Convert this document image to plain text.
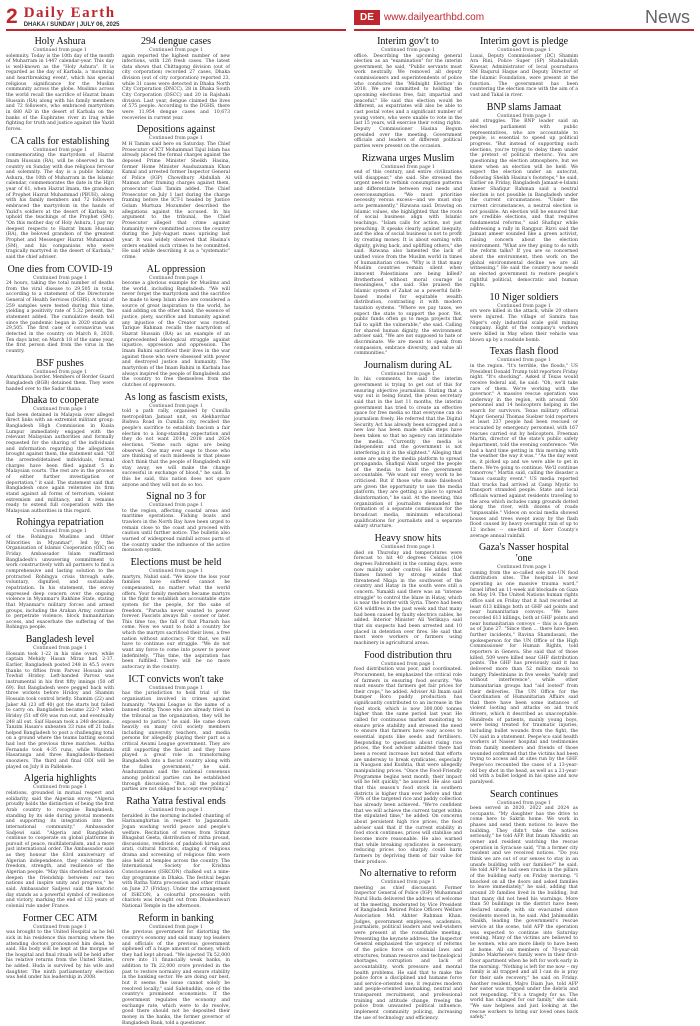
2 Daily Earth
DHAKA / SUNDAY | JULY 06, 2025
DE	www.dailyearthbd.com	News
Holy Ashura
Continued from page 1

solemnity. Today is the 10th day of the month of Muharram in 1447 calendar-year. This day is well-known as the "Holy Ashura". It is regarded as the day of Karbala, a 'mourning and heartbreaking event', which has special religious significance for the Muslim community across the globe. Muslims across the world recall the sacrifice of Hazrat Imam Hussain (RA) along with his family members and 72 followers, who embraced martyrdom in 680 AD in the desert of Karbala on the banks of the Euphrates river in Iraq while fighting for truth and justice against the Yazid forces.

CA calls for establishing
Continued from page 1

commemorating the martyrdom of Hazrat Imam Hussain (RA), will be observed in the country on Sunday with due religious fervour and solemnity. The day is a public holiday. Ashura, the 10th of Muharram in the Islamic calendar, commemorates the date in the Hijri year of 61, when Hazrat Imam, the grandson of Prophet Hazrat Muhammad (PBUH), along with his family members and 72 followers embraced the martyrdom in the hands of Yazid's soldiers at the desert of Karbala to uphold the teachings of the Prophet (SM). "On this mother day of Holy Ashura, I pay my deepest respects to Hazrat Imam Hussain (RA), the beloved grandson of the greatest Prophet and Messenger Hazrat Muhammad (SM), and his companions who were tragically martyred in the desert of Karbala," said the chief adviser.

One dies from COVID-19
Continued from page 1

24 hours, taking the total number of deaths from the viral disease to 29,505 in total, according to a statement of the Directorate General of Health Services (DGHS). A total of 259 samples were tested during this time, yielding a positivity rate of 5.32 percent, the statement added. The cumulative death toll since the pandemic began in 2020 stands at 29,505. The first case of coronavirus was detected in the country on March 8, 2020. Ten days later, on March 18 of the same year, the first person died from the virus in the country.

BSF pushes
Continued from page 1

Amarkhana border. Members of Border Guard Bangladesh (BGB) detained them. They were handed over to the Sadar thana.

Dhaka to cooperate
Continued from page 1

had been detained in Malaysia over alleged direct links with an extremist militant group. Bangladesh High Commission in Kuala Lumpur immediately engaged with the relevant Malaysian authorities and formally requested for the sharing of the individuals and information regarding the allegations brought against them, the statement said. "Of the arrested/detained individuals, formal charges have been filed against 5 in Malaysian courts. The rest are in the process of either further investigation or deportation," it said. The statement said that Bangladesh once again reiterates its firm stand against all forms of terrorism, violent extremism and militancy, and it remains ready to extend full cooperation with the Malaysian authorities in this regard.

Rohingya repatriation
Continued from page 1

of the Rohingya Muslims and Other Minorities in Myanmar", led by the Organisation of Islamic Cooperation (OIC) on Friday. Ambassador Islam reaffirmed Bangladesh's unwavering commitment to work constructively with all partners to find a comprehensive and lasting solution to the protracted Rohingya crisis through safe, voluntary, dignified, and sustainable repatriation. In his statement, the envoy expressed deep concern over the ongoing violence in Myanmar's Rakhine State, stating that Myanmar's military forces and armed groups, including the Arakan Army, continue to perpetrate violence, block humanitarian access, and exacerbate the suffering of the Rohingya people.

Bangladesh level
Continued from page 1

Hossain took 1-22 in his nine overs, while captain Mehidy Hasan Miraz had 2-37. Earlier, Bangladesh posted 248 in 45.5 overs thanks to fifties from Parvez Hossain and Towhid Hridoy. Left-handed Parvez was instrumental in his first fifty innings (50 off 69). But Bangladesh were pegged back with three wickets before Hridoy and Shamim Hossain took control briefly. Shamim (22) and Jaker Ali (23 off 40) got the starts but failed to carry on. Bangladesh became 222-7 when Hridoy (51 off 69) was run out, and eventually 248 all out. Saif Hassan took a 248 decision... Tanzim Hasan's unbeaten 33 runs off 21 balls helped Bangladesh to post a challenging total on a ground where the teams batting second had lost the previous three matches. Asitha Fernando took 4-35 runs, while Wanindu Hasaranga and three Bangladeshi-themed snooziers. The third and final ODI will be played on July 8 in Pallekele.

Algeria highlights
Continued from page 1

relations, grounded in mutual respect and solidarity, said the Algerian envoy. "Algeria proudly holds the distinction of being the first Arab country to recognise Bangladesh, standing by its side during pivotal moments and supporting its integration into the international community," Ambassador Sadjewi said. "Algeria and Bangladesh continue to cooperate on global platforms in pursuit of peace, multilateralism, and a more just international order. The Ambassador said as they honour the 63rd anniversary of Algerian independence, they celebrate the freedom, strength, and resilience of the Algerian people. "May this cherished occasion deepen the friendship between our two nations and inspire unity and progress," he said. Ambassador Sadjewi said the historic day stands as a powerful symbol of resilience and victory, marking the end of 132 years of colonial rule under France.

Former CEC ATM
Continued from page 1

was brought to the United Hospital as he fell sick in his residence this morning where the attending doctors pronounced him dead, he said. His body will be kept at the morgue of the hospital and final rituals will be held after his relative returns from the United States, he added. Huda is survived by his wife and daughter. The ninth parliamentary election was held under his leadership in 2008.

294 dengue cases
Continued from page 1

again reported the highest number of new infections, with 126 fresh cases. The latest data shows that Chittagong division (out of city corporation) recorded 27 cases, Dhaka division (out of city corporation) reported 23, while 31 cases were detected in Dhaka North City Corporation (DNCC), 28 in Dhaka South City Corporation (DSCC) and 20 in Rajshahi division. Last year, dengue claimed the lives of 575 people. According to the DGHS, there were 11,954 dengue cases and 10,673 recoveries in current year.

Depositions against
Continued from page 1

M H Tamim said here on Saturday. The Chief Prosecutor of ICT Mohammad Tajul Islam has already placed the formal charges against the deposed Prime Minister Sheikh Hasina, former Home Minister Asaduzzaman Khan Kamal and arrested former Inspector General of Police (IGP) Chowdhury Abdullah Al Mamun after framing charges against them, prosecutor Gazi Tamim added. The Chief Prosecutor on July 1 last during the charge framing before the ICT-1 headed by Justice Golam Murtuza Mozumder described the allegations against the accused. In his argument to the tribunal, the Chief Prosecutor alleged that crime against humanity were committed across the country during the July-August mass uprising last year. It was widely observed that Hasina's orders enabled such crimes to be committed. He said while describing it as a "systematic" crime.

AL oppression
Continued from page 1

become a glorious example for Muslims and the world, including Bangladesh. "We will never forget the martyrdom and the sacrifice he made to keep Islam alive are considered a source of great inspiration to the world, he said adding on the other hand, the essence of justice, piety, sacrifice and humanity against any injustice of the Creator was rooted. Tarique Rahman recalls the martyrdom of Hazrat Hussain (RA) as an example of an unprecedented ideological struggle against injustice, oppression and oppression. The Imam Bahini sacrificed their lives in the war against those who were obsessed with power and destroyed justice and humanity. The martyrdom of the Imam Bahini in Karbala has always inspired the people of Bangladesh and the country to free themselves from the clutches of oppressors.

As long as fascism exists,
Continued from page 1

told a path rally, organised by Cumilla metropolitan Jamaat unit, on Alekharchar Bishwa Road in Cumilla city, recalled the people's sacrifice to establish fascism a fair election to a long-standing expectation and they do not want 2014, 2018 and 2024 elections. "Some such signs are being observed. One may ever sage to those who are thinking of such misdeeds is that please don't think that the people of Bangladesh will stay away, we will make the change successful in exchange of blood," he said. In this he said, this nation does not spare anyone and they will not do so too.

Signal no 3 for
Continued from page 1

to the region, affecting coastal areas and maritime operations. Fishing boats and trawlers in the North Bay have been urged to remain close to the coast and proceed with caution until further notice. The bulletin also warned of widespread rainfall across parts of the country under the influence of the active monsoon system.

Elections must be held
Continued from page 1

martyrs, Nahid said. "We know the loss your families have suffered cannot be compensated, no matter what the world offers. Your family members became martyrs in the fight to establish an accountable state system for the people, for the sake of freedom. "Parusha never wanted to power forever. Fascists always fall - sooner or later. This time too, the fall of that Pharaoh has come. Now we want to hold a country for which the martyrs sacrificed their lives, a free nation without autocracy. For that, we will have to continue our struggle. "We do not want any force to come into power to power indefinitely. "This time, the aspiration has been fulfilled. There will be no more autocracy in the country.

ICT convicts won't take
Continued from page 1

has the jurisdiction to hold trial of the organisation involved in crimes against humanity. "Awami League is the name of a banned entity. Those who are already tried in the tribunal as the organization, they will be exposed to justice," he said. He came down heavily on many civil society members including university teachers, and media persons for allegedly playing their part as a critical Awami League government. They are still supporting the fascist and they have played a great role in transforming Bangladesh into a fascist country along with the fallen government," he said. Asaduzzaman said the national consensus among political parties can be established through discussion. "But, all the political parties are not obliged to accept everything."

Ratha Yatra festival ends
Continued from page 1

heralded in the morning included chanting of Harinamghirtan in respect to Jagannath. Jogan washing world peace and people's welfare. Recitation of verses from Srimat Bhagabat Geeta, distribution of ratha prosad, discussions, rendition of padaboli kirtan and arati, cultural function, staging of religious drama and screening of religious film were also held at temples across the country. The International Society for Krishna Consciousness (ISKCON) chalked out a nine-day programme in Dhaka. The festival began with Ratha Yatra procession and other rituals on June 27 (Friday). Under the arrangement of ISKCON, a colourful procession with chariots was brought out from Dhakeshwari National Temple in the afternoon.

Reform in banking
Continued from page 1

the previous government for distorting the country's economy and said many top leaders and officials of the previous government siphoned off a huge amount of money, which they had kept abroad. "We injected Tk 52,000 crore into 11 financially weak banks, in addition to Tk 22,000 crore provided in the past to restore normalcy and ensure stability in the banking sector. We are doing our best, but it seems the issue cannot solely be resolved locally," said Salehuddin, one of the country's prominent economists. If the government regulates the economy and exchange rate, which were to do resolve, good there should not be deposited their money in the banks, the former governor of Bangladesh Bank, told a questioner.

Interim gov't to
Continued from page 1

office. Describing the upcoming general election as an "examination" for the interim government, he said, "Public servants must work neutrally. We removed all deputy commissioners and superintendents of police who conducted the 'Midnight Election' in 2018. We are committed to holding the upcoming elections free, fair, impartial and peaceful." He said this election would be different, as expatriates will also be able to cast postal votes and a significant number of young voters, who were unable to vote in the last 15 years, will exercise their voting rights. Deputy Commissioner Hasina Begum presided over the meeting. Government officials and leaders of different political parties were present on the occasion.

Rizwana urges Muslim
Continued from page 1

end of this century, and entire civilizations will disappear," she said. She stressed the urgent need to rethink consumption patterns and differentiate between real needs and overconsumption. "We must prioritise necessity versus excess—and we must stop acts permanently," Rizwana said. Drawing on Islamic values, she highlighted that the roots of social business align with Islamic teachings. "Islam calls for action, not just preaching. It speaks clearly against inequity, and the idea of social business is not to profit by creating money. It is about earning with dignity, giving back, and uplifting others," she said. Rizwana also lamented the lack of unified voice from the Muslim world in times of humanitarian crises. "Why is it that many Muslim countries remain silent when innocent Palestinians are being killed? Brotherhood without moral courage is meaningless," she said. She praised the Islamic system of Zakat as a powerful faith-based model for equitable wealth distribution, contrasting it with modern taxation systems. "Where we pay taxes, we expect the state to support the poor. Yet, public funds often go to mega projects that fail to uplift the vulnerable," she said. Calling for shared human dignity, the environment adviser said, "We are not supposed to hate or discriminate. We are meant to speak from compassion, embrace diversity, and value all communities."

Journalism during AL
Continued from page 1

In his comments, he said the interim government is trying to get out of this for ensuring objective journalism. Stating that a way out is being found, the press secretary said that in the last 11 months, the interim government has tried to create an effective space for free media so that everyone can do journalism freely. He referred that the Digital Security Act has already been scrapped and a new law has been made while steps have been taken so that no agency can intimidate the media. "Currently the media is independent and the government is not interfering in it in the slightest." Alleging that some are using the media platform to spread propaganda, Shafiqul Alam urged the people of the media to hold the government accountable. "We want our every work to be criticised. But if those who make falsehood are given the opportunity to use the media platform, they are getting a place to spread disinformation," he said. At the meeting, this organization of journalists demanded the formation of a separate commission for the broadcast media, minimum educational qualifications for journalists and a separate salary structure.

Heavy snow hits
Continued from page 1

died on Thursday and temperatures were forecast to hit 40 degrees Celsius (104 degrees Fahrenheit) in the coming days, were now mainly under control. He added that flames fanned by strong winds that threatened Nkaja in the southwest of the country and Hatay in the south were still a concern. Yumakli said there was an "intense struggle" to control the blaze in Hatay, which is near the border with Syria. There had been 624 wildfires in the past week and that many had been caused by faulty electrics cables, he added. Interior Minister Ali Yerlikaya said that six suspects had been arrested and 10 placed in detention over fires. He said that most were workers or farmers using machinery in agricultural areas.

Food distribution thru
Continued from page 1

food distribution was poor, and coordinated. Procurement, he emphasized the critical role of farmers in ensuring food security. "We must ensure that farmers get fair prices for their crops," he added. Adviser Ali Imam said bumper Boro paddy production has significantly contributed to an increase in the food stock, which is now 300,000 tonnes higher than the same period last year. He called for continuous market monitoring to ensure price stability and stressed the need to ensure that farmers have easy access to essential inputs like seeds and fertilisers. Responding to questions about rising rice prices, the food adviser admitted there had been a recent increase but noted that efforts are underway to break syndicates, especially in Naogaon and Kushtia, that were allegedly manipulating prices. "Once the Food-Friendly Programme begins next month, their impact will be felt quickly," he assured. He also said that this season's food stock in southern districts is higher than ever before and that 70% of the targeted rice and paddy collection has already been achieved. "We're confident that we will achieve the current target within the stipulated time," he added. On concerns about persistent high rice prices, the food adviser said that if the current stability in food stock continues, prices will stabilise and become more reasonable. He also warned that while breaking syndicates is necessary, reducing prices too sharply could harm farmers by depriving them of fair value for their produce.

No alternative to reform
Continued from page 1

meeting as chief discussant. Former Inspector General of Police (IGP) Muhammad Nurul Huda delivered the address of welcome at the meeting, moderated by Vice President of Bangladesh Retired Police Officers Welfare Association Md. Akhter Rahman Khan. Judges, government employees, academics, journalists, political leaders and well-wishers were present at the roundtable meeting. Presenting the keynote address, the Inspector General emphasized the urgency of reforms of the police force on colonial laws and structures, human resource and technological shortages, corruption and lack of accountability, work pressure and mental health problems. He said that to make the police force a disciplined and humane force and service-oriented one, it requires modern and people-oriented lawmaking, neutral and transparent recruitment, and professional training and attitude change, freeing the police from unwanted political influence, implement community policing, increasing the use of technology and efficiency.

Interim govt is pledge
Continued from page 1

Lusai, Deputy Commissioner (DC) Shamim Ara Rini, Police Super (SP) Shahabullah Kawsar, Administrator of local pourashava SM Baqurul Haque and Deputy Director of the Islamic Foundation, were present at the function. The government has been countering the election race with the aim of a vast and Takal in river.

BNP slams Jamaat
Continued from page 1

and struggles. The BNP leader said an elected parliament with public representatives, who are accountable to people, is essential to speed up political progress. "But instead of supporting such elections, you're trying to delay them under the pretext of political rhetoric. You are questioning the election atmosphere, but we know when an election will be held. We expect the election under an autocrat, following Sheikh Hasina's footsteps," he said. Earlier on Friday, Bangladesh Jamaat-e-Islami Ameer Shafiqur Rahman said a neutral election is not possible in Bangladesh under the current circumstances. "Under the current circumstances, a neutral election is not possible. An election will be ensured that are credible elections, and that requires fundamental reforms," said Shafiqur while addressing a rally in Rangpur. Rizvi said the Jamaat ameer sounded like a green activist, raising concern about the election environment. "What are they going to do with the reform talks? If you are so concerned about the environment, then work on the global environmental decline we are all witnessing." He said the country now needs an elected government to restore people's rightful political, democratic and human rights.

10 Niger soldiers
Continued from page 1

ers were killed in the attack, while 20 others were injured. The village of Samira has Niger's only industrial scale gold mining company. Eight of the company's workers were killed in May when their vehicle was blown up by a roadside bomb.

Texas flash flood
Continued from page 1

in the region. "It's terrible, the floods," US President Donald Trump told reporters Friday night. "It's shocking". Asked if Texas would receive federal aid, he said: "Oh, we'll take care of them. We're working with the governor." A massive rescue operation was underway in the region, with around 500 personnel and 14 helicopters helping in the search for survivors. Texas military official Major General Thomas Suelzer told reporters at least 237 people had been rescued or evacuated by emergency personnel, with 167 rescues carried out by helicopters. Freeman Martin, director of the state's public safety department, told the evening conference: "We had a hard time getting in this morning with the weather the way it was." "As the day went on, it picked up and we were able to get in there. We're going to continue. We'll continue tomorrow," Martin said, calling the disaster a "mass casualty event." US media reported that trucks had arrived at Camp Mystic to transport stranded people. State and local officials warned against residents traveling to the area which includes camp grounds dotted along the river, with dozens of roads "impassable." Videos on social media showed houses and trees swept away by the flash flood caused by heavy overnight rain of up to 12 inches -- one-third of Kerr County's average annual rainfall.

Gaza's Nasser hospital 'one
Continued from page 1

coming from the so-called sole non-UN food distribution sites. The hospital is now operating as one massive trauma ward," Israel lifted an 11-week aid blockade on Gaza on May 19. The United Nations human rights office said on Friday that it had recorded at least 613 killings both at GHF aid points and near humanitarian convoys. "We have recorded 613 killings, both at GHF points and near humanitarian convoys -- this is a figure as of June 27. "Since then ... there have been further incidents," Ravina Shamdasani, the spokesperson for the UN Office of the High Commissioner for Human Rights, told reporters in Geneva. She said that of those killed, 509 were killed near GHF distribution points. The GHF has previously said it has delivered more than 52 million meals to hungry Palestinians in five weeks "safely and without interference", while other humanitarian groups had "aid looted" from their deliveries. The UN Office for the Coordination of Humanitarian Affairs said that there have been some instances of violent looting and attacks on aid truck drivers, which it described as unacceptable. Hundreds of patients, mainly young boys, were being treated for traumatic injuries, including bullet wounds from the fight, the UN said in a statement. Peepe'sco said health workers at Nasser hospital and testimonies from family members and friends of those wounded confirmed that the victims had been trying to access aid at sites run by the GHF. Peepe'sco recounted the cases of a 13-year-old boy shot in the head, as well as a 21-year-old with a bullet lodged in his spine and now paralysed.

Search continues
Continued from page 1

been served in 2020, 2022 and 2024 as occupants. "My daughter has the drive to come here to Sakrin home. We work in phases and send them notices to leave the building. They didn't take the notices seriously," he told AFP. But Imam Khaddir, an owner and resident watching the rescue operation in Syracuse said, "I'm a former city resident and we received notices. "Do you think we are out of our senses to stay in an unsafe building with our families?" he said. He told AFP he had seen cracks in the pillars of the building early on Friday morning. "I knocked on all the doors and asked families to leave immediately," he said, adding that around 20 families lived in the building, but that many did not heed his warnings. More than 50 buildings in the district have been declared unsafe, with six evacuated since residents moved in, he said. Abd Jahimuddin Shaikh, leading the government's rescue service at the scene, told AFP the operation was expected to continue into Saturday evening. Many of the victims are believed to be women, who are more likely to have been at home. All six members of 70-year-old Jumbo Makrheiwe's family were in their first-floor apartment when he left for work early in the morning. "Nothing is left for me now -- my family is all trapped and all I can do is pray for their safe recovery," he said on Friday. Another resident, Majro Diam Jue, told AFP her sister was trapped under the debris and not responding. "It's a tragedy for us. The world has changed for our family," she said. "We saw helpless and just looking at the rescue workers to bring our loved ones back safely."
